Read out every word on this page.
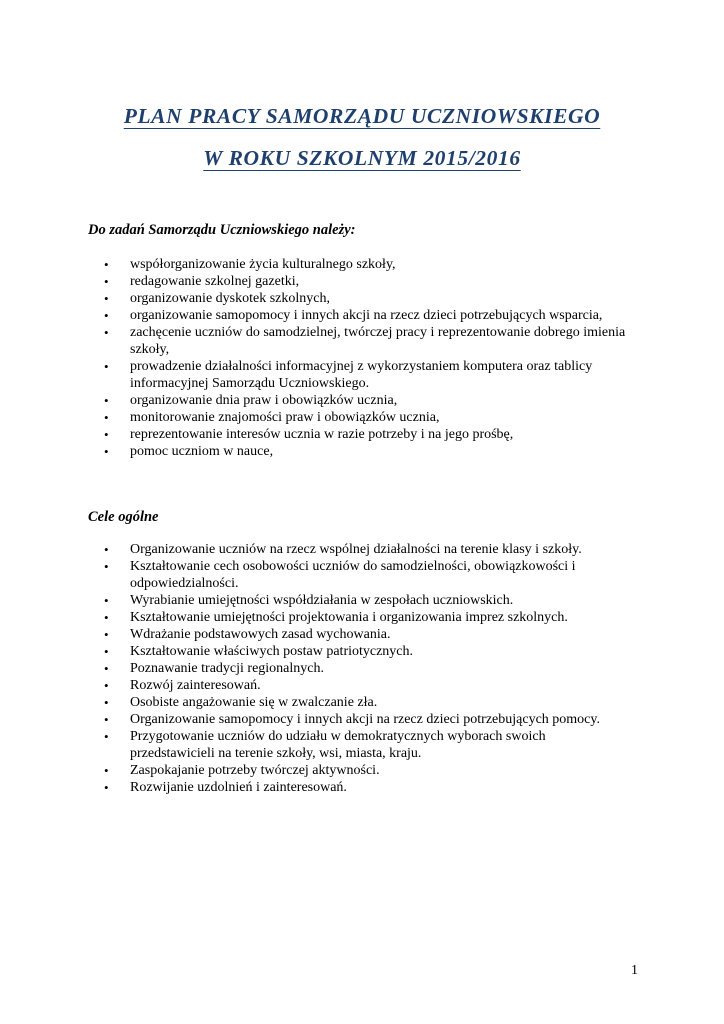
PLAN PRACY SAMORZĄDU UCZNIOWSKIEGO
W ROKU SZKOLNYM 2015/2016
Do zadań Samorządu Uczniowskiego należy:
• współorganizowanie życia kulturalnego szkoły,
• redagowanie szkolnej gazetki,
• organizowanie dyskotek szkolnych,
• organizowanie samopomocy i innych akcji na rzecz dzieci potrzebujących wsparcia,
• zachęcenie uczniów do samodzielnej, twórczej pracy i reprezentowanie dobrego imienia szkoły,
• prowadzenie działalności informacyjnej z wykorzystaniem komputera oraz tablicy informacyjnej Samorządu Uczniowskiego.
• organizowanie dnia praw i obowiązków ucznia,
• monitorowanie znajomości praw i obowiązków ucznia,
• reprezentowanie interesów ucznia w razie potrzeby i na jego prośbę,
• pomoc uczniom w nauce,
Cele ogólne
• Organizowanie uczniów na rzecz wspólnej działalności na terenie klasy i szkoły.
• Kształtowanie cech osobowości uczniów do samodzielności, obowiązkowości i odpowiedzialności.
• Wyrabianie umiejętności współdziałania w zespołach uczniowskich.
• Kształtowanie umiejętności projektowania i organizowania imprez szkolnych.
• Wdrażanie podstawowych zasad wychowania.
• Kształtowanie właściwych postaw patriotycznych.
• Poznawanie tradycji regionalnych.
• Rozwój zainteresowań.
• Osobiste angażowanie się w zwalczanie zła.
• Organizowanie samopomocy i innych akcji na rzecz dzieci potrzebujących pomocy.
• Przygotowanie uczniów do udziału w demokratycznych wyborach swoich przedstawicieli na terenie szkoły, wsi, miasta, kraju.
• Zaspokajanie potrzeby twórczej aktywności.
• Rozwijanie uzdolnień i zainteresowań.
1
